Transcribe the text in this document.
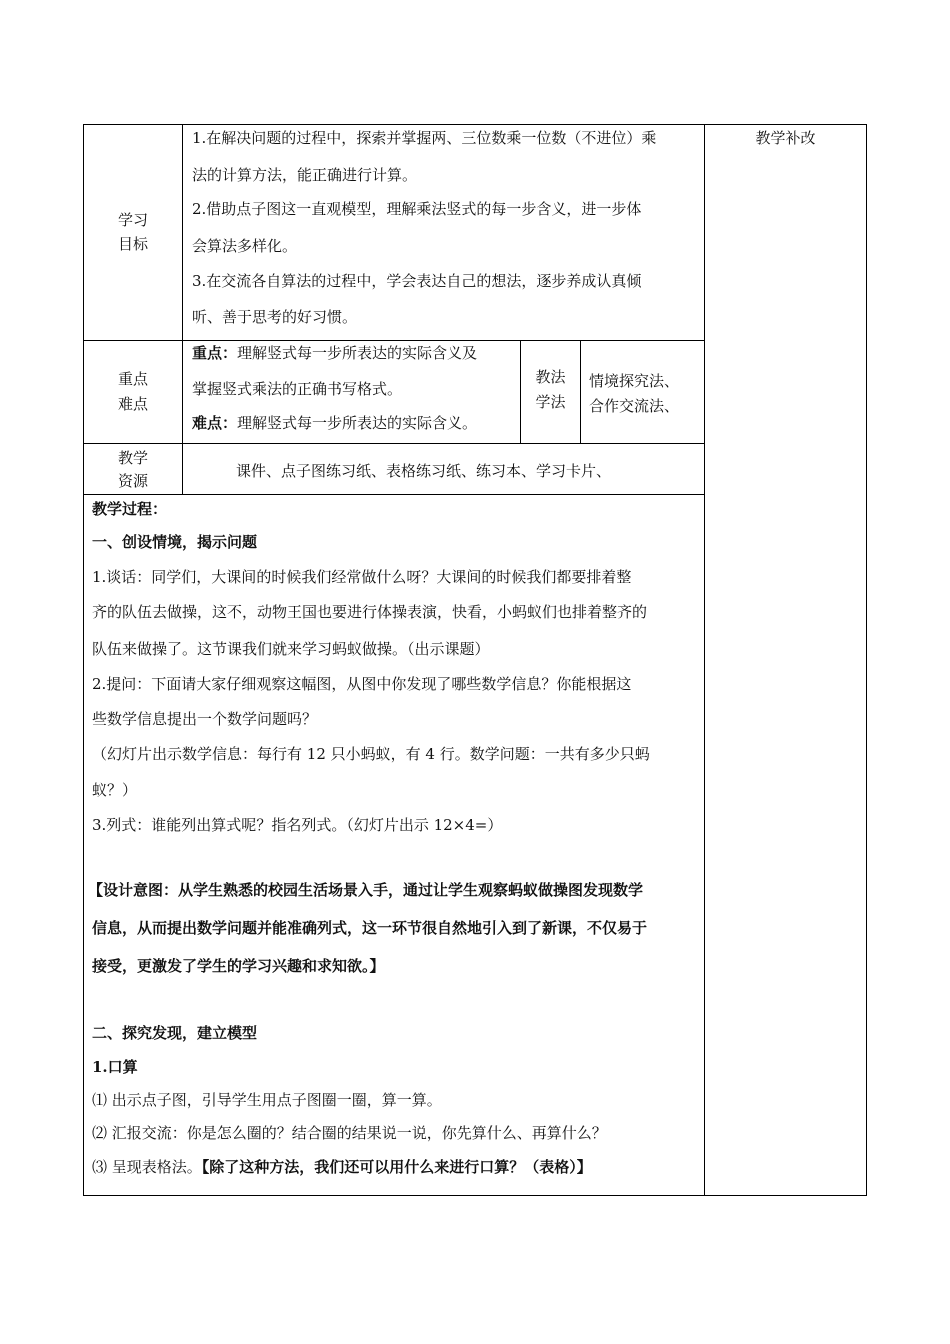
教学补改
学习
目标
1.在解决问题的过程中，探索并掌握两、三位数乘一位数（不进位）乘
法的计算方法，能正确进行计算。
2.借助点子图这一直观模型，理解乘法竖式的每一步含义，进一步体
会算法多样化。
3.在交流各自算法的过程中，学会表达自己的想法，逐步养成认真倾
听、善于思考的好习惯。
重点
难点
重点：理解竖式每一步所表达的实际含义及
掌握竖式乘法的正确书写格式。
难点：理解竖式每一步所表达的实际含义。
教法
学法
情境探究法、
合作交流法、
教学
资源
课件、点子图练习纸、表格练习纸、练习本、学习卡片、
教学过程：
一、创设情境，揭示问题
1.谈话：同学们，大课间的时候我们经常做什么呀？大课间的时候我们都要排着整
齐的队伍去做操，这不，动物王国也要进行体操表演，快看，小蚂蚁们也排着整齐的
队伍来做操了。这节课我们就来学习蚂蚁做操。（出示课题）
2.提问：下面请大家仔细观察这幅图，从图中你发现了哪些数学信息？你能根据这
些数学信息提出一个数学问题吗？
（幻灯片出示数学信息：每行有 12 只小蚂蚁，有 4 行。数学问题：一共有多少只蚂
蚁？）
3.列式：谁能列出算式呢？指名列式。（幻灯片出示 12×4=）
【设计意图：从学生熟悉的校园生活场景入手，通过让学生观察蚂蚁做操图发现数学
信息，从而提出数学问题并能准确列式，这一环节很自然地引入到了新课，不仅易于
接受，更激发了学生的学习兴趣和求知欲。】
二、探究发现，建立模型
1.口算
⑴ 出示点子图，引导学生用点子图圈一圈，算一算。
⑵ 汇报交流：你是怎么圈的？结合圈的结果说一说，你先算什么、再算什么？
⑶ 呈现表格法。【除了这种方法，我们还可以用什么来进行口算？（表格）】
